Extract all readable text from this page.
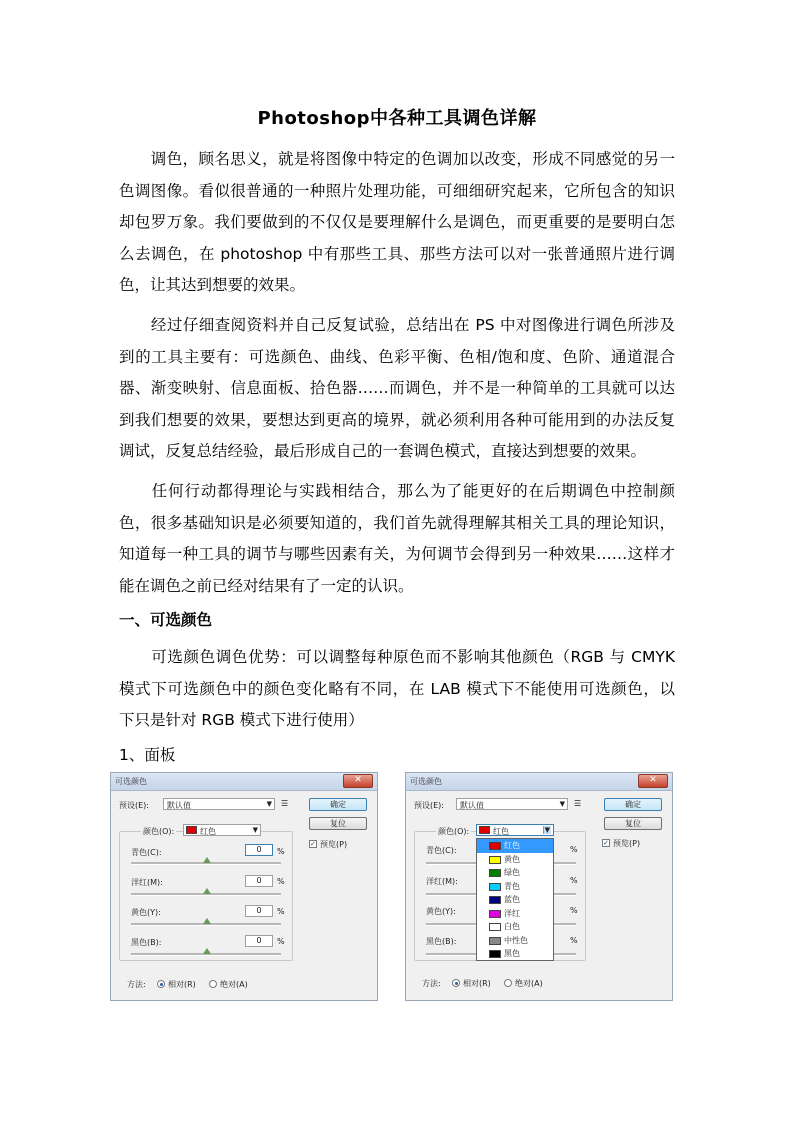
Photoshop中各种工具调色详解
　　调色，顾名思义，就是将图像中特定的色调加以改变，形成不同感觉的另一
色调图像。看似很普通的一种照片处理功能，可细细研究起来，它所包含的知识
却包罗万象。我们要做到的不仅仅是要理解什么是调色，而更重要的是要明白怎
么去调色，在 photoshop 中有那些工具、那些方法可以对一张普通照片进行调
色，让其达到想要的效果。
　　经过仔细查阅资料并自己反复试验，总结出在 PS 中对图像进行调色所涉及
到的工具主要有：可选颜色、曲线、色彩平衡、色相/饱和度、色阶、通道混合
器、渐变映射、信息面板、拾色器……而调色，并不是一种简单的工具就可以达
到我们想要的效果，要想达到更高的境界，就必须利用各种可能用到的办法反复
调试，反复总结经验，最后形成自己的一套调色模式，直接达到想要的效果。
　　任何行动都得理论与实践相结合，那么为了能更好的在后期调色中控制颜
色，很多基础知识是必须要知道的，我们首先就得理解其相关工具的理论知识，
知道每一种工具的调节与哪些因素有关，为何调节会得到另一种效果……这样才
能在调色之前已经对结果有了一定的认识。
一、可选颜色
　　可选颜色调色优势：可以调整每种原色而不影响其他颜色（RGB 与 CMYK
模式下可选颜色中的颜色变化略有不同，在 LAB 模式下不能使用可选颜色，以
下只是针对 RGB 模式下进行使用）
1、面板
可选颜色	✕
预设(E): 默认值	▼ ☰	确定
复位
✓ 预览(P)
颜色(O):	红色	▼
青色(C):	0	%
洋红(M):	0	%
黄色(Y):	0	%
黑色(B):	0	%
方法:	相对(R)	绝对(A)
可选颜色	✕
预设(E): 默认值	▼ ☰	确定
复位
✓ 预览(P)
颜色(O):	红色	▼
青色(C):	%
洋红(M):	%
黄色(Y):	%
黑色(B):	%
红色
黄色
绿色
青色
蓝色
洋红
白色
中性色
黑色
方法:	相对(R)	绝对(A)
